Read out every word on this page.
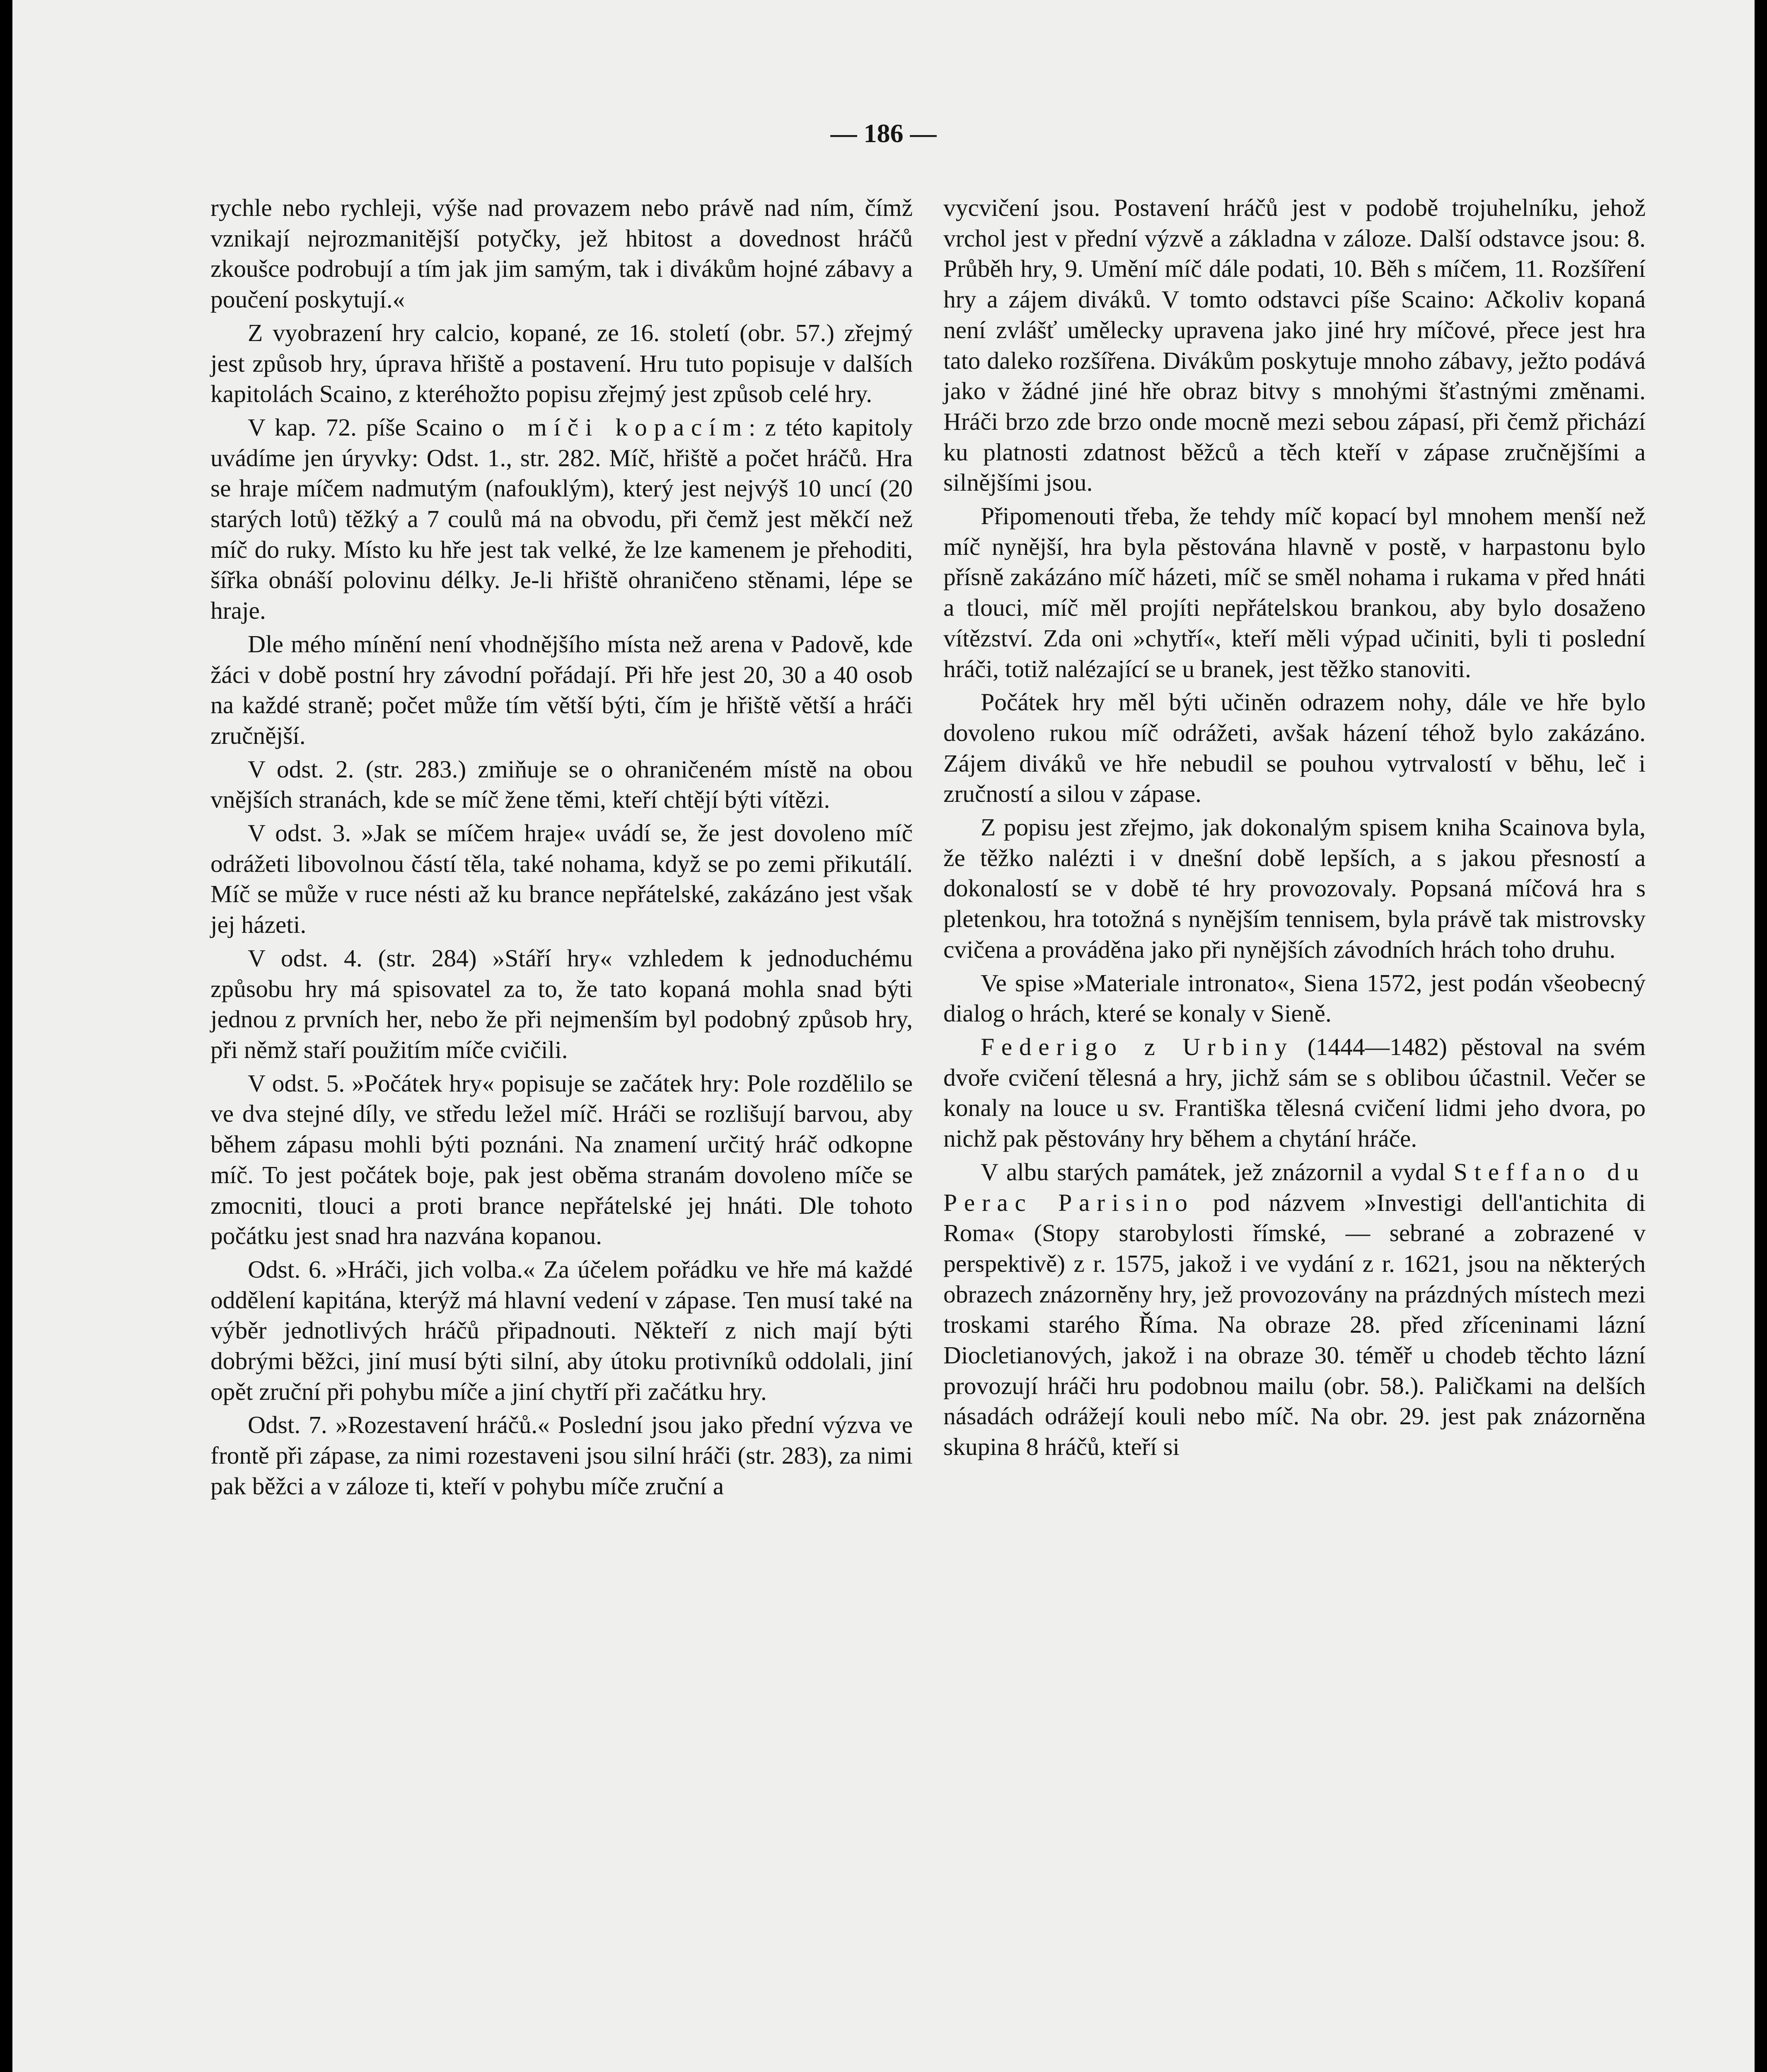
— 186 —

rychle nebo rychleji, výše nad provazem nebo právě nad ním, čímž vznikají nejrozmanitější potyčky, jež hbitost a dovednost hráčů zkoušce podrobují a tím jak jim samým, tak i divákům hojné zábavy a poučení poskytují.«

Z vyobrazení hry calcio, kopané, ze 16. století (obr. 57.) zřejmý jest způsob hry, úprava hřiště a postavení. Hru tuto popisuje v dalších kapitolách Scaino, z kteréhožto popisu zřejmý jest způsob celé hry.

V kap. 72. píše Scaino o míči kopacím: z této kapitoly uvádíme jen úryvky: Odst. 1., str. 282. Míč, hřiště a počet hráčů. Hra se hraje míčem nadmutým (nafouklým), který jest nejvýš 10 uncí (20 starých lotů) těžký a 7 coulů má na obvodu, při čemž jest měkčí než míč do ruky. Místo ku hře jest tak velké, že lze kamenem je přehoditi, šířka obnáší polovinu délky. Je-li hřiště ohraničeno stěnami, lépe se hraje.

Dle mého mínění není vhodnějšího místa než arena v Padově, kde žáci v době postní hry závodní pořádají. Při hře jest 20, 30 a 40 osob na každé straně; počet může tím větší býti, čím je hřiště větší a hráči zručnější.

V odst. 2. (str. 283.) zmiňuje se o ohraničeném místě na obou vnějších stranách, kde se míč žene těmi, kteří chtějí býti vítězi.

V odst. 3. »Jak se míčem hraje« uvádí se, že jest dovoleno míč odrážeti libovolnou částí těla, také nohama, když se po zemi přikutálí. Míč se může v ruce nésti až ku brance nepřátelské, zakázáno jest však jej házeti.

V odst. 4. (str. 284) »Stáří hry« vzhledem k jednoduchému způsobu hry má spisovatel za to, že tato kopaná mohla snad býti jednou z prvních her, nebo že při nejmenším byl podobný způsob hry, při němž staří použitím míče cvičili.

V odst. 5. »Počátek hry« popisuje se začátek hry: Pole rozdělilo se ve dva stejné díly, ve středu ležel míč. Hráči se rozlišují barvou, aby během zápasu mohli býti poznáni. Na znamení určitý hráč odkopne míč. To jest počátek boje, pak jest oběma stranám dovoleno míče se zmocniti, tlouci a proti brance nepřátelské jej hnáti. Dle tohoto počátku jest snad hra nazvána kopanou.

Odst. 6. »Hráči, jich volba.« Za účelem pořádku ve hře má každé oddělení kapitána, kterýž má hlavní vedení v zápase. Ten musí také na výběr jednotlivých hráčů připadnouti. Někteří z nich mají býti dobrými běžci, jiní musí býti silní, aby útoku protivníků oddolali, jiní opět zruční při pohybu míče a jiní chytří při začátku hry.

Odst. 7. »Rozestavení hráčů.« Poslední jsou jako přední výzva ve frontě při zápase, za nimi rozestaveni jsou silní hráči (str. 283), za nimi pak běžci a v záloze ti, kteří v pohybu míče zruční a

vycvičení jsou. Postavení hráčů jest v podobě trojuhelníku, jehož vrchol jest v přední výzvě a základna v záloze. Další odstavce jsou: 8. Průběh hry, 9. Umění míč dále podati, 10. Běh s míčem, 11. Rozšíření hry a zájem diváků. V tomto odstavci píše Scaino: Ačkoliv kopaná není zvlášť umělecky upravena jako jiné hry míčové, přece jest hra tato daleko rozšířena. Divákům poskytuje mnoho zábavy, ježto podává jako v žádné jiné hře obraz bitvy s mnohými šťastnými změnami. Hráči brzo zde brzo onde mocně mezi sebou zápasí, při čemž přichází ku platnosti zdatnost běžců a těch kteří v zápase zručnějšími a silnějšími jsou.

Připomenouti třeba, že tehdy míč kopací byl mnohem menší než míč nynější, hra byla pěstována hlavně v postě, v harpastonu bylo přísně zakázáno míč házeti, míč se směl nohama i rukama v před hnáti a tlouci, míč měl projíti nepřátelskou brankou, aby bylo dosaženo vítězství. Zda oni »chytří«, kteří měli výpad učiniti, byli ti poslední hráči, totiž nalézající se u branek, jest těžko stanoviti.

Počátek hry měl býti učiněn odrazem nohy, dále ve hře bylo dovoleno rukou míč odrážeti, avšak házení téhož bylo zakázáno. Zájem diváků ve hře nebudil se pouhou vytrvalostí v běhu, leč i zručností a silou v zápase.

Z popisu jest zřejmo, jak dokonalým spisem kniha Scainova byla, že těžko nalézti i v dnešní době lepších, a s jakou přesností a dokonalostí se v době té hry provozovaly. Popsaná míčová hra s pletenkou, hra totožná s nynějším tennisem, byla právě tak mistrovsky cvičena a prováděna jako při nynějších závodních hrách toho druhu.

Ve spise »Materiale intronato«, Siena 1572, jest podán všeobecný dialog o hrách, které se konaly v Sieně.

Federigo z Urbiny (1444—1482) pěstoval na svém dvoře cvičení tělesná a hry, jichž sám se s oblibou účastnil. Večer se konaly na louce u sv. Františka tělesná cvičení lidmi jeho dvora, po nichž pak pěstovány hry během a chytání hráče.

V albu starých památek, jež znázornil a vydal Steffano du Perac Parisino pod názvem »Investigi dell'antichita di Roma« (Stopy starobylosti římské, — sebrané a zobrazené v perspektivě) z r. 1575, jakož i ve vydání z r. 1621, jsou na některých obrazech znázorněny hry, jež provozovány na prázdných místech mezi troskami starého Říma. Na obraze 28. před zříceninami lázní Diocletianových, jakož i na obraze 30. téměř u chodeb těchto lázní provozují hráči hru podobnou mailu (obr. 58.). Paličkami na delších násadách odrážejí kouli nebo míč. Na obr. 29. jest pak znázorněna skupina 8 hráčů, kteří si
